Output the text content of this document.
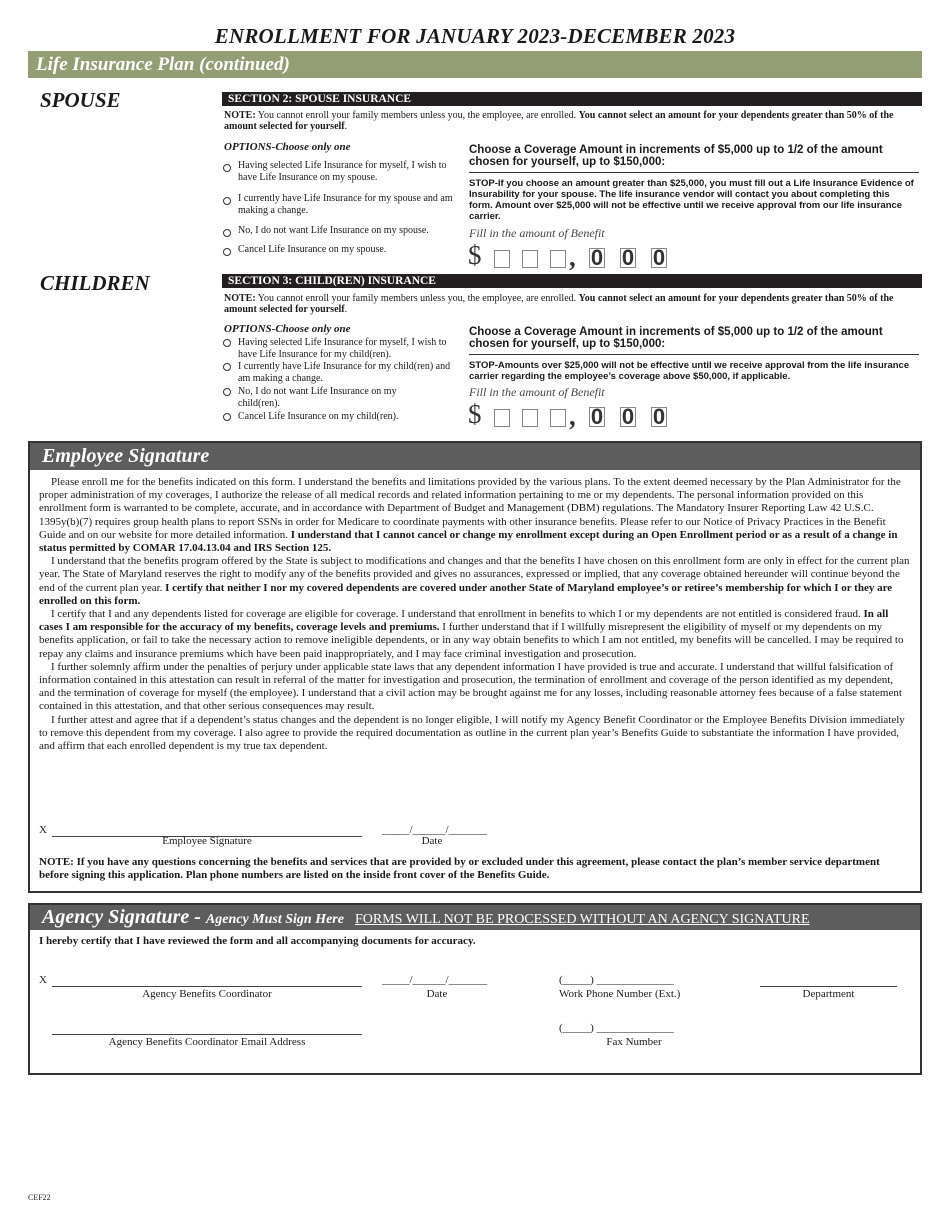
ENROLLMENT FOR JANUARY 2023-DECEMBER 2023
Life Insurance Plan (continued)
SPOUSE	SECTION 2: SPOUSE INSURANCE
NOTE: You cannot enroll your family members unless you, the employee, are enrolled. You cannot select an amount for your dependents greater than 50% of the amount selected for yourself.
OPTIONS-Choose only one
Having selected Life Insurance for myself, I wish to have Life Insurance on my spouse.
I currently have Life Insurance for my spouse and am making a change.
No, I do not want Life Insurance on my spouse.
Cancel Life Insurance on my spouse.
Choose a Coverage Amount in increments of $5,000 up to 1/2 of the amount chosen for yourself, up to $150,000:
STOP-If you choose an amount greater than $25,000, you must fill out a Life Insurance Evidence of Insurability for your spouse. The life insurance vendor will contact you about completing this form. Amount over $25,000 will not be effective until we receive approval from our life insurance carrier.
Fill in the amount of Benefit
$	, 0 0 0
CHILDREN	SECTION 3: CHILD(REN) INSURANCE
NOTE: You cannot enroll your family members unless you, the employee, are enrolled. You cannot select an amount for your dependents greater than 50% of the amount selected for yourself.
OPTIONS-Choose only one
Having selected Life Insurance for myself, I wish to have Life Insurance for my child(ren).
I currently have Life Insurance for my child(ren) and am making a change.
No, I do not want Life Insurance on my child(ren).
Cancel Life Insurance on my child(ren).
Choose a Coverage Amount in increments of $5,000 up to 1/2 of the amount chosen for yourself, up to $150,000:
STOP-Amounts over $25,000 will not be effective until we receive approval from the life insurance carrier regarding the employee’s coverage above $50,000, if applicable.
Fill in the amount of Benefit
$	, 0 0 0
Employee Signature

Please enroll me for the benefits indicated on this form. I understand the benefits and limitations provided by the various plans. To the extent deemed necessary by the Plan Administrator for the proper administration of my coverages, I authorize the release of all medical records and related information pertaining to me or my dependents. The personal information provided on this enrollment form is warranted to be complete, accurate, and in accordance with Department of Budget and Management (DBM) regulations. The Mandatory Insurer Reporting Law 42 U.S.C. 1395y(b)(7) requires group health plans to report SSNs in order for Medicare to coordinate payments with other insurance benefits. Please refer to our Notice of Privacy Practices in the Benefit Guide and on our website for more detailed information. I understand that I cannot cancel or change my enrollment except during an Open Enrollment period or as a result of a change in status permitted by COMAR 17.04.13.04 and IRS Section 125.

I understand that the benefits program offered by the State is subject to modifications and changes and that the benefits I have chosen on this enrollment form are only in effect for the current plan year. The State of Maryland reserves the right to modify any of the benefits provided and gives no assurances, expressed or implied, that any coverage obtained hereunder will continue beyond the end of the current plan year. I certify that neither I nor my covered dependents are covered under another State of Maryland employee’s or retiree’s membership for which I or they are enrolled on this form.

I certify that I and any dependents listed for coverage are eligible for coverage. I understand that enrollment in benefits to which I or my dependents are not entitled is considered fraud. In all cases I am responsible for the accuracy of my benefits, coverage levels and premiums. I further understand that if I willfully misrepresent the eligibility of myself or my dependents on my benefits application, or fail to take the necessary action to remove ineligible dependents, or in any way obtain benefits to which I am not entitled, my benefits will be cancelled. I may be required to repay any claims and insurance premiums which have been paid inappropriately, and I may face criminal investigation and prosecution.

I further solemnly affirm under the penalties of perjury under applicable state laws that any dependent information I have provided is true and accurate. I understand that willful falsification of information contained in this attestation can result in referral of the matter for investigation and prosecution, the termination of enrollment and coverage of the person identified as my dependent, and the termination of coverage for myself (the employee). I understand that a civil action may be brought against me for any losses, including reasonable attorney fees because of a false statement contained in this attestation, and that other serious consequences may result.

I further attest and agree that if a dependent’s status changes and the dependent is no longer eligible, I will notify my Agency Benefit Coordinator or the Employee Benefits Division immediately to remove this dependent from my coverage. I also agree to provide the required documentation as outline in the current plan year’s Benefits Guide to substantiate the information I have provided, and affirm that each enrolled dependent is my true tax dependent.

X
Employee Signature
_____/______/_______
Date
NOTE: If you have any questions concerning the benefits and services that are provided by or excluded under this agreement, please contact the plan’s member service department before signing this application. Plan phone numbers are listed on the inside front cover of the Benefits Guide.
Agency Signature - Agency Must Sign Here FORMS WILL NOT BE PROCESSED WITHOUT AN AGENCY SIGNATURE
I hereby certify that I have reviewed the form and all accompanying documents for accuracy.
X
Agency Benefits Coordinator
_____/______/_______
Date
(_____) ______________
Work Phone Number (Ext.)	Department
Agency Benefits Coordinator Email Address
(_____) ______________
Fax Number
CEF22
